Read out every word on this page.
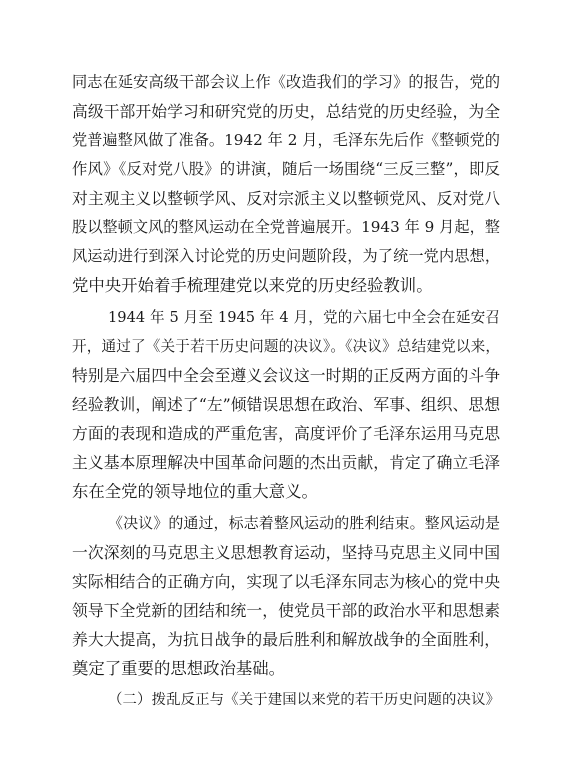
同志在延安高级干部会议上作《改造我们的学习》的报告，党的
高级干部开始学习和研究党的历史，总结党的历史经验，为全
党普遍整风做了准备。1942 年 2 月，毛泽东先后作《整顿党的
作风》《反对党八股》的讲演，随后一场围绕“三反三整”，即反
对主观主义以整顿学风、反对宗派主义以整顿党风、反对党八
股以整顿文风的整风运动在全党普遍展开。1943 年 9 月起，整
风运动进行到深入讨论党的历史问题阶段，为了统一党内思想，
党中央开始着手梳理建党以来党的历史经验教训。
1944 年 5 月至 1945 年 4 月，党的六届七中全会在延安召
开，通过了《关于若干历史问题的决议》。《决议》总结建党以来，
特别是六届四中全会至遵义会议这一时期的正反两方面的斗争
经验教训，阐述了“左”倾错误思想在政治、军事、组织、思想
方面的表现和造成的严重危害，高度评价了毛泽东运用马克思
主义基本原理解决中国革命问题的杰出贡献，肯定了确立毛泽
东在全党的领导地位的重大意义。
《决议》的通过，标志着整风运动的胜利结束。整风运动是
一次深刻的马克思主义思想教育运动，坚持马克思主义同中国
实际相结合的正确方向，实现了以毛泽东同志为核心的党中央
领导下全党新的团结和统一，使党员干部的政治水平和思想素
养大大提高，为抗日战争的最后胜利和解放战争的全面胜利，
奠定了重要的思想政治基础。
（二）拨乱反正与《关于建国以来党的若干历史问题的决议》
